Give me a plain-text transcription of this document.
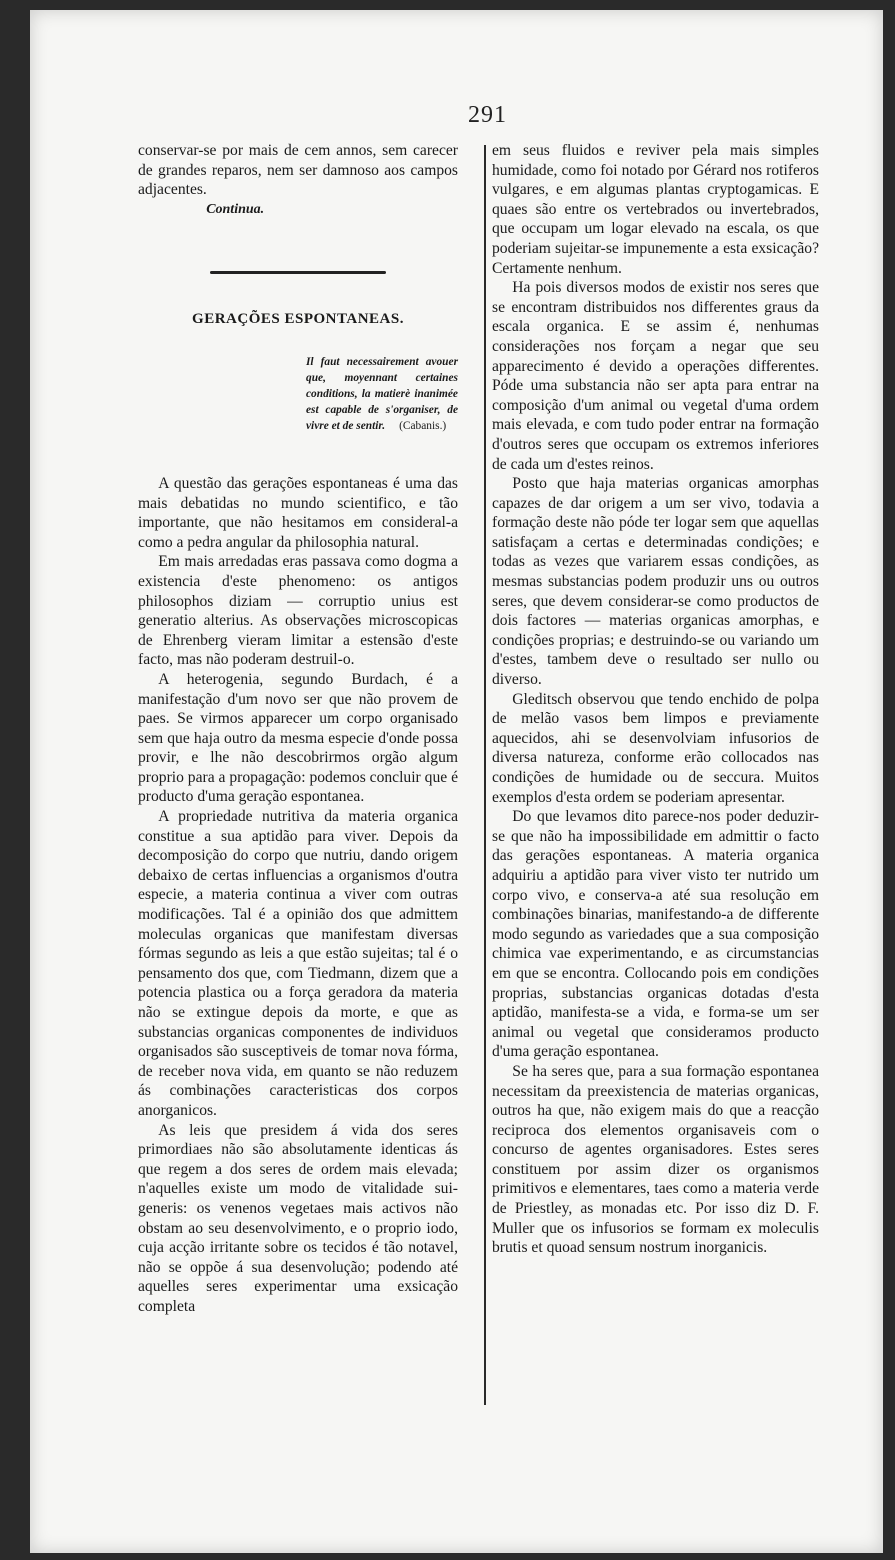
291

conservar-se por mais de cem annos, sem carecer de grandes reparos, nem ser damnoso aos campos adjacentes.

Continua.

GERAÇÕES ESPONTANEAS.

Il faut necessairement avouer que, moyennant certaines conditions, la matierè inanimée est capable de s'organiser, de vivre et de sentir. (Cabanis.)

A questão das gerações espontaneas é uma das mais debatidas no mundo scientifico, e tão importante, que não hesitamos em consideral-a como a pedra angular da philosophia natural.

Em mais arredadas eras passava como dogma a existencia d'este phenomeno: os antigos philosophos diziam — corruptio unius est generatio alterius. As observações microscopicas de Ehrenberg vieram limitar a estensão d'este facto, mas não poderam destruil-o.

A heterogenia, segundo Burdach, é a manifestação d'um novo ser que não provem de paes. Se virmos apparecer um corpo organisado sem que haja outro da mesma especie d'onde possa provir, e lhe não descobrirmos orgão algum proprio para a propagação: podemos concluir que é producto d'uma geração espontanea.

A propriedade nutritiva da materia organica constitue a sua aptidão para viver. Depois da decomposição do corpo que nutriu, dando origem debaixo de certas influencias a organismos d'outra especie, a materia continua a viver com outras modificações. Tal é a opinião dos que admittem moleculas organicas que manifestam diversas fórmas segundo as leis a que estão sujeitas; tal é o pensamento dos que, com Tiedmann, dizem que a potencia plastica ou a força geradora da materia não se extingue depois da morte, e que as substancias organicas componentes de individuos organisados são susceptiveis de tomar nova fórma, de receber nova vida, em quanto se não reduzem ás combinações caracteristicas dos corpos anorganicos.

As leis que presidem á vida dos seres primordiaes não são absolutamente identicas ás que regem a dos seres de ordem mais elevada; n'aquelles existe um modo de vitalidade sui-generis: os venenos vegetaes mais activos não obstam ao seu desenvolvimento, e o proprio iodo, cuja acção irritante sobre os tecidos é tão notavel, não se oppõe á sua desenvolução; podendo até aquelles seres experimentar uma exsicação completa

em seus fluidos e reviver pela mais simples humidade, como foi notado por Gérard nos rotiferos vulgares, e em algumas plantas cryptogamicas. E quaes são entre os vertebrados ou invertebrados, que occupam um logar elevado na escala, os que poderiam sujeitar-se impunemente a esta exsicação? Certamente nenhum.

Ha pois diversos modos de existir nos seres que se encontram distribuidos nos differentes graus da escala organica. E se assim é, nenhumas considerações nos forçam a negar que seu apparecimento é devido a operações differentes. Póde uma substancia não ser apta para entrar na composição d'um animal ou vegetal d'uma ordem mais elevada, e com tudo poder entrar na formação d'outros seres que occupam os extremos inferiores de cada um d'estes reinos.

Posto que haja materias organicas amorphas capazes de dar origem a um ser vivo, todavia a formação deste não póde ter logar sem que aquellas satisfaçam a certas e determinadas condições; e todas as vezes que variarem essas condições, as mesmas substancias podem produzir uns ou outros seres, que devem considerar-se como productos de dois factores — materias organicas amorphas, e condições proprias; e destruindo-se ou variando um d'estes, tambem deve o resultado ser nullo ou diverso.

Gleditsch observou que tendo enchido de polpa de melão vasos bem limpos e previamente aquecidos, ahi se desenvolviam infusorios de diversa natureza, conforme erão collocados nas condições de humidade ou de seccura. Muitos exemplos d'esta ordem se poderiam apresentar.

Do que levamos dito parece-nos poder deduzir-se que não ha impossibilidade em admittir o facto das gerações espontaneas. A materia organica adquiriu a aptidão para viver visto ter nutrido um corpo vivo, e conserva-a até sua resolução em combinações binarias, manifestando-a de differente modo segundo as variedades que a sua composição chimica vae experimentando, e as circumstancias em que se encontra. Collocando pois em condições proprias, substancias organicas dotadas d'esta aptidão, manifesta-se a vida, e forma-se um ser animal ou vegetal que consideramos producto d'uma geração espontanea.

Se ha seres que, para a sua formação espontanea necessitam da preexistencia de materias organicas, outros ha que, não exigem mais do que a reacção reciproca dos elementos organisaveis com o concurso de agentes organisadores. Estes seres constituem por assim dizer os organismos primitivos e elementares, taes como a materia verde de Priestley, as monadas etc. Por isso diz D. F. Muller que os infusorios se formam ex moleculis brutis et quoad sensum nostrum inorganicis.
